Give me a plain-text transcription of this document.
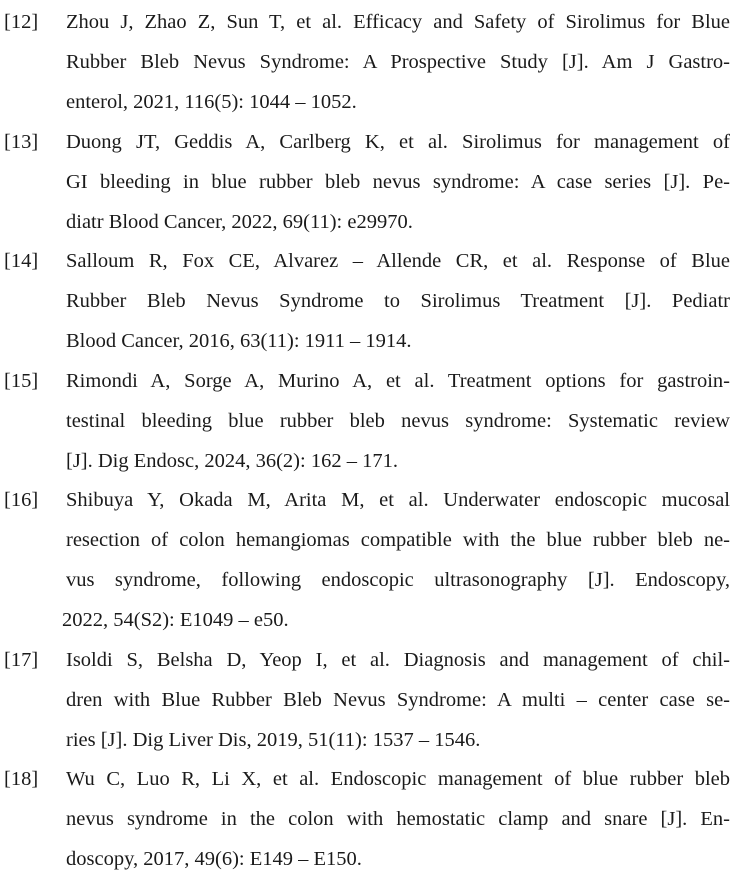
[12] Zhou J, Zhao Z, Sun T, et al. Efficacy and Safety of Sirolimus for Blue
Rubber Bleb Nevus Syndrome: A Prospective Study [J]. Am J Gastro-
enterol, 2021, 116(5): 1044 – 1052.
[13] Duong JT, Geddis A, Carlberg K, et al. Sirolimus for management of
GI bleeding in blue rubber bleb nevus syndrome: A case series [J]. Pe-
diatr Blood Cancer, 2022, 69(11): e29970.
[14] Salloum R, Fox CE, Alvarez – Allende CR, et al. Response of Blue
Rubber Bleb Nevus Syndrome to Sirolimus Treatment [J]. Pediatr
Blood Cancer, 2016, 63(11): 1911 – 1914.
[15] Rimondi A, Sorge A, Murino A, et al. Treatment options for gastroin-
testinal bleeding blue rubber bleb nevus syndrome: Systematic review
[J]. Dig Endosc, 2024, 36(2): 162 – 171.
[16] Shibuya Y, Okada M, Arita M, et al. Underwater endoscopic mucosal
resection of colon hemangiomas compatible with the blue rubber bleb ne-
vus syndrome, following endoscopic ultrasonography [J]. Endoscopy,
2022, 54(S2): E1049 – e50.
[17] Isoldi S, Belsha D, Yeop I, et al. Diagnosis and management of chil-
dren with Blue Rubber Bleb Nevus Syndrome: A multi – center case se-
ries [J]. Dig Liver Dis, 2019, 51(11): 1537 – 1546.
[18] Wu C, Luo R, Li X, et al. Endoscopic management of blue rubber bleb
nevus syndrome in the colon with hemostatic clamp and snare [J]. En-
doscopy, 2017, 49(6): E149 – E150.
